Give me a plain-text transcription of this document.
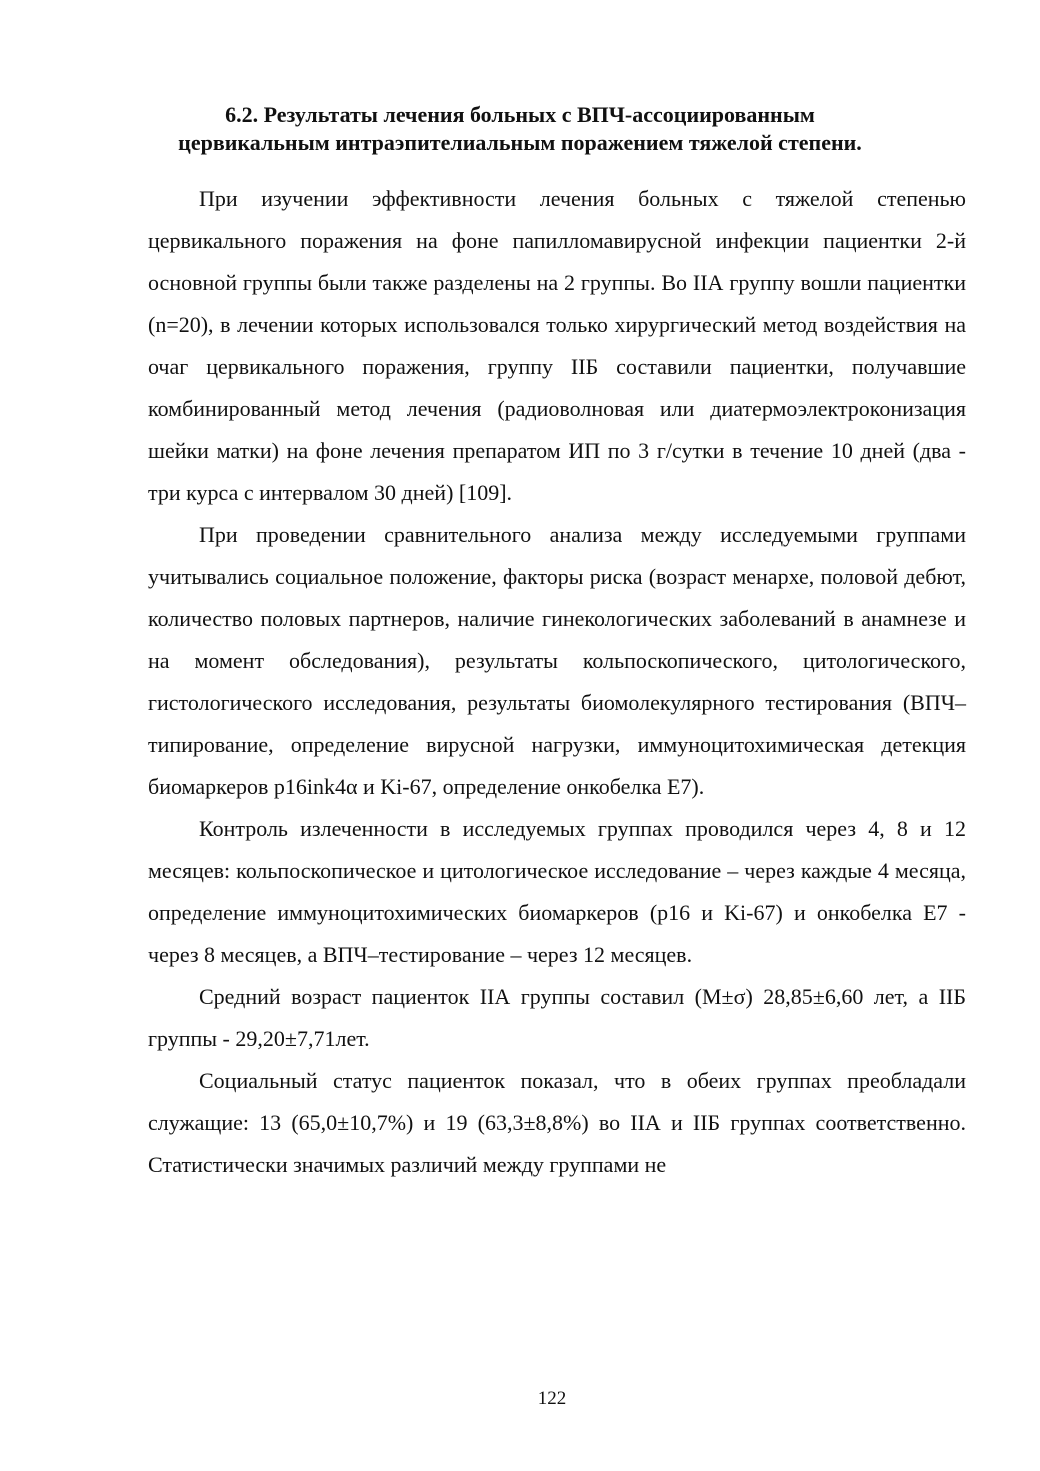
6.2. Результаты лечения больных с ВПЧ-ассоциированным
цервикальным интраэпителиальным поражением тяжелой степени.

При изучении эффективности лечения больных с тяжелой степенью цервикального поражения на фоне папилломавирусной инфекции пациентки 2-й основной группы были также разделены на 2 группы. Во IIА группу вошли пациентки (n=20), в лечении которых использовался только хирургический метод воздействия на очаг цервикального поражения, группу IIБ составили пациентки, получавшие комбинированный метод лечения (радиоволновая или диатермоэлектроконизация шейки матки) на фоне лечения препаратом ИП по 3 г/сутки в течение 10 дней (два - три курса с интервалом 30 дней) [109].

При проведении сравнительного анализа между исследуемыми группами учитывались социальное положение, факторы риска (возраст менархе, половой дебют, количество половых партнеров, наличие гинекологических заболеваний в анамнезе и на момент обследования), результаты кольпоскопического, цитологического, гистологического исследования, результаты биомолекулярного тестирования (ВПЧ–типирование, определение вирусной нагрузки, иммуноцитохимическая детекция биомаркеров p16ink4α и Ki-67, определение онкобелка Е7).

Контроль излеченности в исследуемых группах проводился через 4, 8 и 12 месяцев: кольпоскопическое и цитологическое исследование – через каждые 4 месяца, определение иммуноцитохимических биомаркеров (р16 и Ki-67) и онкобелка Е7 - через 8 месяцев, а ВПЧ–тестирование – через 12 месяцев.

Средний возраст пациенток IIА группы составил (M±σ) 28,85±6,60 лет, а IIБ группы - 29,20±7,71лет.

Социальный статус пациенток показал, что в обеих группах преобладали служащие: 13 (65,0±10,7%) и 19 (63,3±8,8%) во IIА и IIБ группах соответственно. Статистически значимых различий между группами не

122
